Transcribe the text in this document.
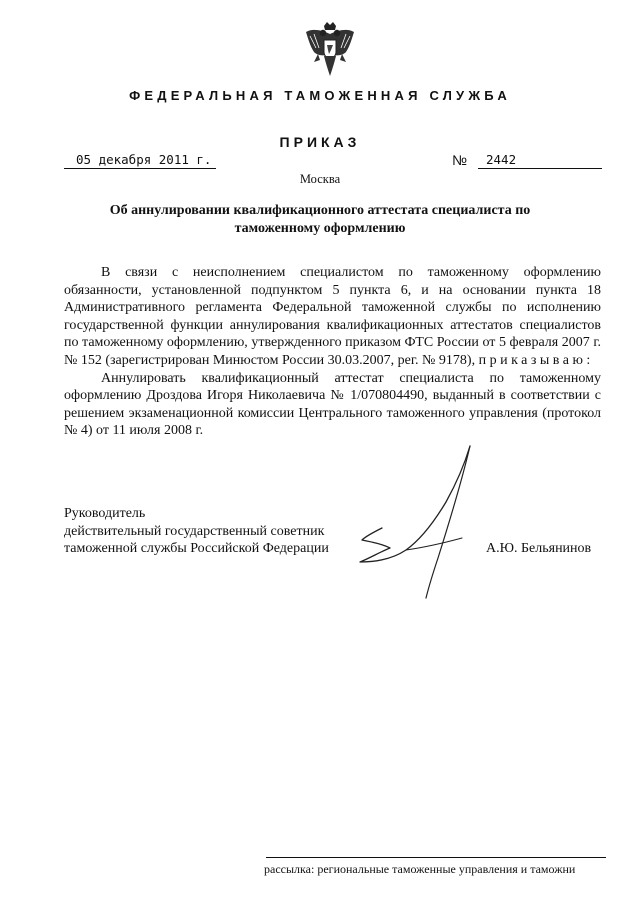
ФЕДЕРАЛЬНАЯ ТАМОЖЕННАЯ СЛУЖБА
ПРИКАЗ
05 декабря 2011 г.	№	2442
Москва
Об аннулировании квалификационного аттестата специалиста по таможенному оформлению

В связи с неисполнением специалистом по таможенному оформлению обязанности, установленной подпунктом 5 пункта 6, и на основании пункта 18 Административного регламента Федеральной таможенной службы по исполнению государственной функции аннулирования квалификационных аттестатов специалистов по таможенному оформлению, утвержденного приказом ФТС России от 5 февраля 2007 г. № 152 (зарегистрирован Минюстом России 30.03.2007, рег. № 9178), приказываю:

Аннулировать квалификационный аттестат специалиста по таможенному оформлению Дроздова Игоря Николаевича № 1/070804490, выданный в соответствии с решением экзаменационной комиссии Центрального таможенного управления (протокол № 4) от 11 июля 2008 г.

Руководитель
действительный государственный советник
таможенной службы Российской Федерации	А.Ю. Бельянинов
рассылка: региональные таможенные управления и таможни
